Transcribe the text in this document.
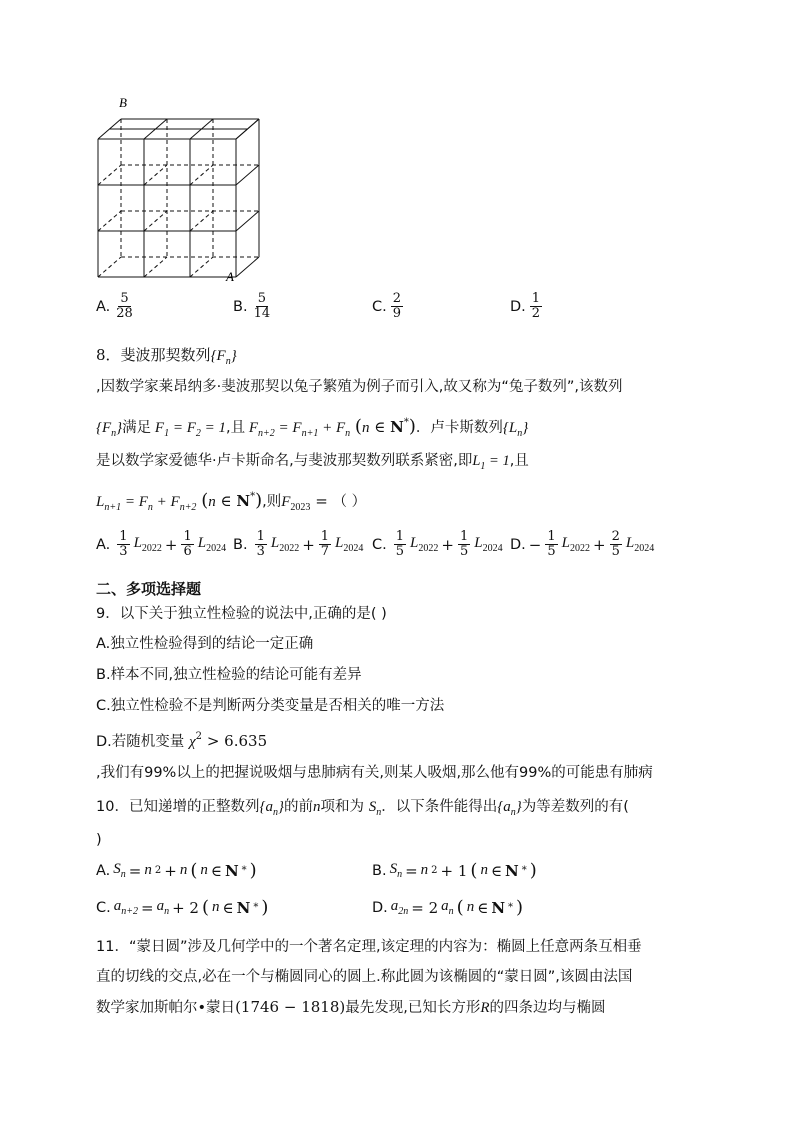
B
A
A. $\frac{5}{28}$	B. $\frac{5}{14}$	C. $\frac{2}{9}$	D. $\frac{1}{2}$
8．斐波那契数列$\{F_n\}$
,因数学家莱昂纳多·斐波那契以兔子繁殖为例子而引入,故又称为“兔子数列”,该数列
$\{F_n\}$满足 $F_1 = F_2 = 1$,且 $F_{n+2} = F_{n+1} + F_n$ (n ∈ N*)．卢卡斯数列$\{L_n\}$
是以数学家爱德华·卢卡斯命名,与斐波那契数列联系紧密,即$L_1 = 1$,且
$L_{n+1} = F_n + F_{n+2}$ (n ∈ N*),则$F_{2023}$ = （ ）
A. $\frac{1}{3} L_{2022} + \frac{1}{6} L_{2024}$ B. $\frac{1}{3} L_{2022} + \frac{1}{7} L_{2024}$ C. $\frac{1}{5} L_{2022} + \frac{1}{5} L_{2024}$ D. − $\frac{1}{5} L_{2022} + \frac{2}{5} L_{2024}$
二、多项选择题
9．以下关于独立性检验的说法中,正确的是( )
A.独立性检验得到的结论一定正确
B.样本不同,独立性检验的结论可能有差异
C.独立性检验不是判断两分类变量是否相关的唯一方法
D.若随机变量 $\chi^2 > 6.635$
,我们有99%以上的把握说吸烟与患肺病有关,则某人吸烟,那么他有99%的可能患有肺病
10．已知递增的正整数列$\{a_n\}$的前n项和为 $S_n$．以下条件能得出$\{a_n\}$为等差数列的有(
)
A. $S_n = n$ 2 + n ( n ∈ N * )	B. $S_n = n$ 2 + 1 ( n ∈ N * )
C. $a_{n+2} = a_n + 2$ ( n ∈ N * )	D. $a_{2n} = 2$ $a_n$ ( n ∈ N * )
11．“蒙日圆”涉及几何学中的一个著名定理,该定理的内容为：椭圆上任意两条互相垂
直的切线的交点,必在一个与椭圆同心的圆上.称此圆为该椭圆的“蒙日圆”,该圆由法国
数学家加斯帕尔•蒙日(1746 − 1818)最先发现,已知长方形R的四条边均与椭圆
